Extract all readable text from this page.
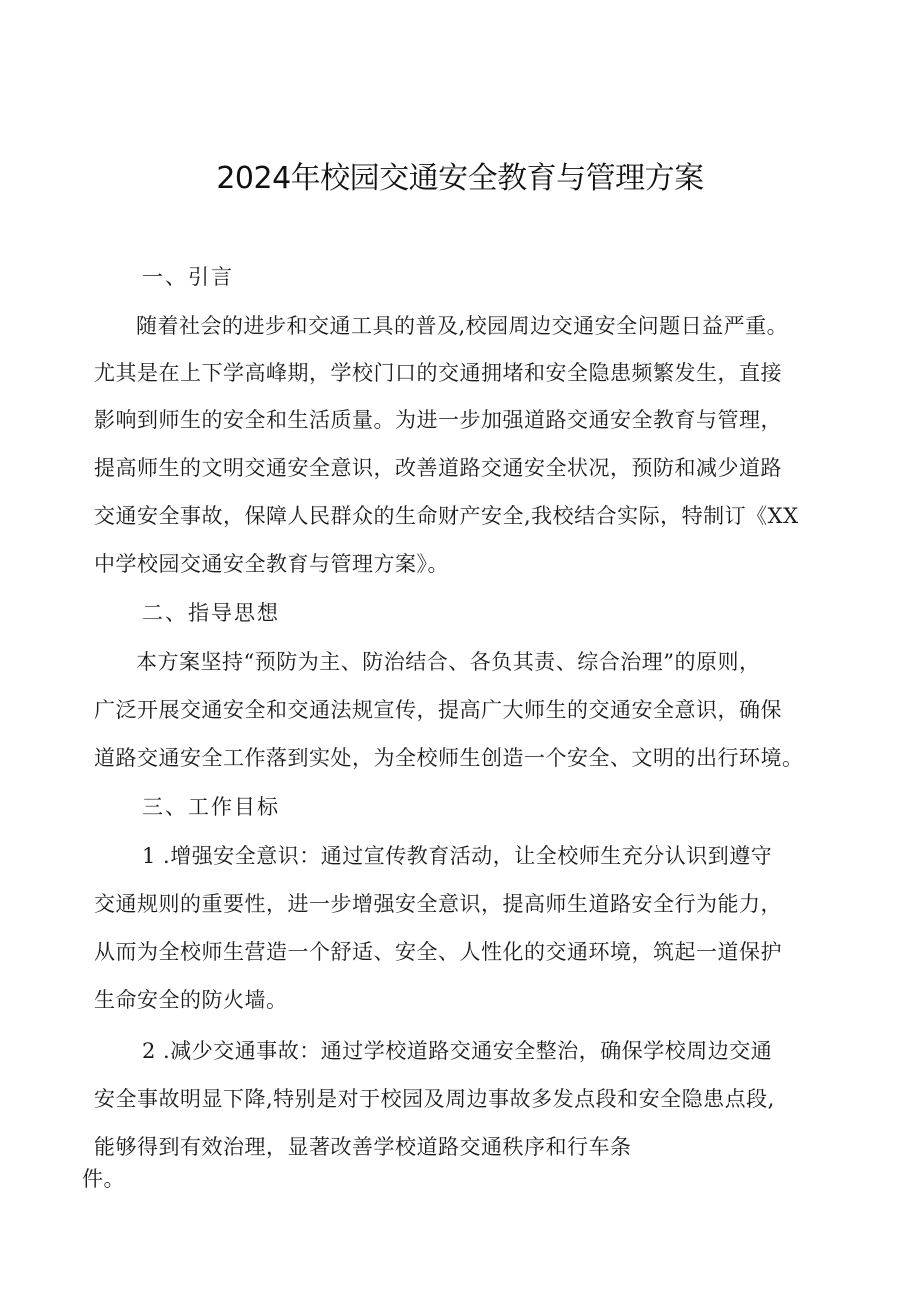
2024年校园交通安全教育与管理方案
一、引言
随着社会的进步和交通工具的普及,校园周边交通安全问题日益严重。
尤其是在上下学高峰期，学校门口的交通拥堵和安全隐患频繁发生，直接
影响到师生的安全和生活质量。为进一步加强道路交通安全教育与管理，
提高师生的文明交通安全意识，改善道路交通安全状况，预防和减少道路
交通安全事故，保障人民群众的生命财产安全,我校结合实际，特制订《XX
中学校园交通安全教育与管理方案》。
二、指导思想
本方案坚持“预防为主、防治结合、各负其责、综合治理”的原则，
广泛开展交通安全和交通法规宣传，提高广大师生的交通安全意识，确保
道路交通安全工作落到实处，为全校师生创造一个安全、文明的出行环境。
三、工作目标
1 .增强安全意识：通过宣传教育活动，让全校师生充分认识到遵守
交通规则的重要性，进一步增强安全意识，提高师生道路安全行为能力，
从而为全校师生营造一个舒适、安全、人性化的交通环境，筑起一道保护
生命安全的防火墙。
2 .减少交通事故：通过学校道路交通安全整治，确保学校周边交通
安全事故明显下降,特别是对于校园及周边事故多发点段和安全隐患点段,
能够得到有效治理，显著改善学校道路交通秩序和行车条
件。
